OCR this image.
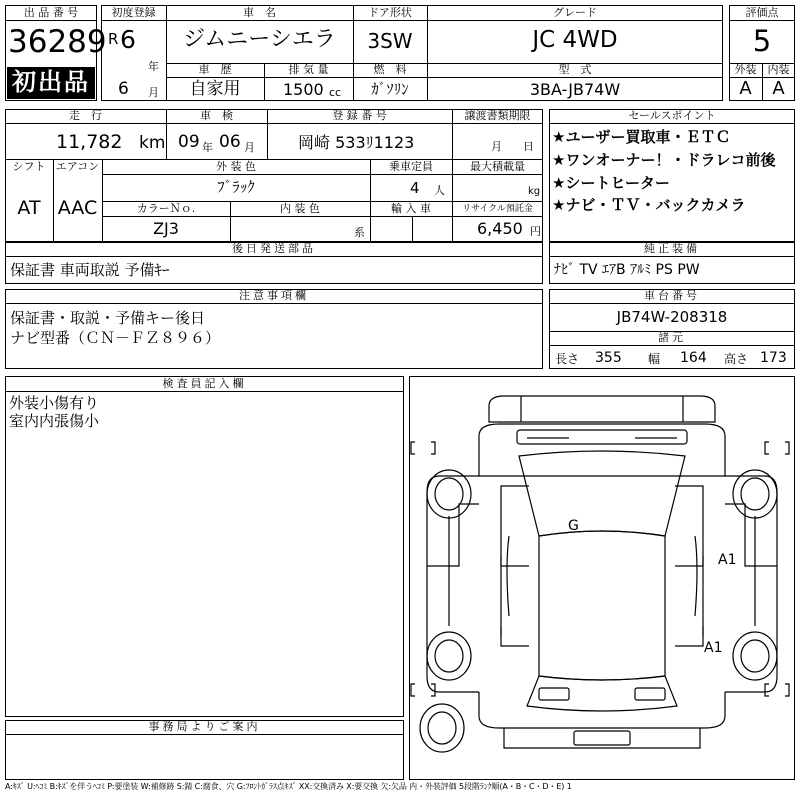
出 品 番 号
36289
初出品
初度登録
R 6
年
6 月
車　名
ジムニーシエラ
ドア形状
3SW
グレード
JC 4WD
車　歴
自家用
排 気 量
1500 cc
燃　料
ｶﾞｿﾘﾝ
型　式
3BA-JB74W
評価点
5
外装	内装
A	A
走　行
11,782 km
車　検
09 年 06 月
登 録 番 号
岡崎 533ﾘ1123
譲渡書類期限
月 日
シフト
AT
エアコン
AAC
外 装 色
ﾌﾞﾗｯｸ
乗車定員
4 人
最大積載量
kg
カラーＮｏ.
ZJ3
内 装 色
系
輸 入 車	リサイクル預託金
6,450 円
セールスポイント
★ユーザー買取車・ＥＴＣ
★ワンオーナー！・ドラレコ前後
★シートヒーター
★ナビ・ＴＶ・バックカメラ
後日発送部品
保証書 車両取説 予備ｷｰ
純正装備
ﾅﾋﾞ TV ｴｱB ｱﾙﾐ PS PW
注意事項欄
保証書・取説・予備キー後日
ナビ型番（ＣＮ－ＦＺ８９６）
車台番号
JB74W-208318
諸元
長さ 355 幅 164 高さ 173
検査員記入欄
外装小傷有り
室内内張傷小
事務局よりご案内
G
A1
A1
A:ｷｽﾞ U:ﾍｺﾐ B:ｷｽﾞを伴うﾍｺﾐ P:要塗装 W:補修跡 S:錆 C:腐食、穴 G:ﾌﾛﾝﾄｶﾞﾗｽ点ｷｽﾞ XX:交換済み X:要交換 欠:欠品 内・外装評価 5段階ﾗﾝｸ順(A・B・C・D・E) 1
